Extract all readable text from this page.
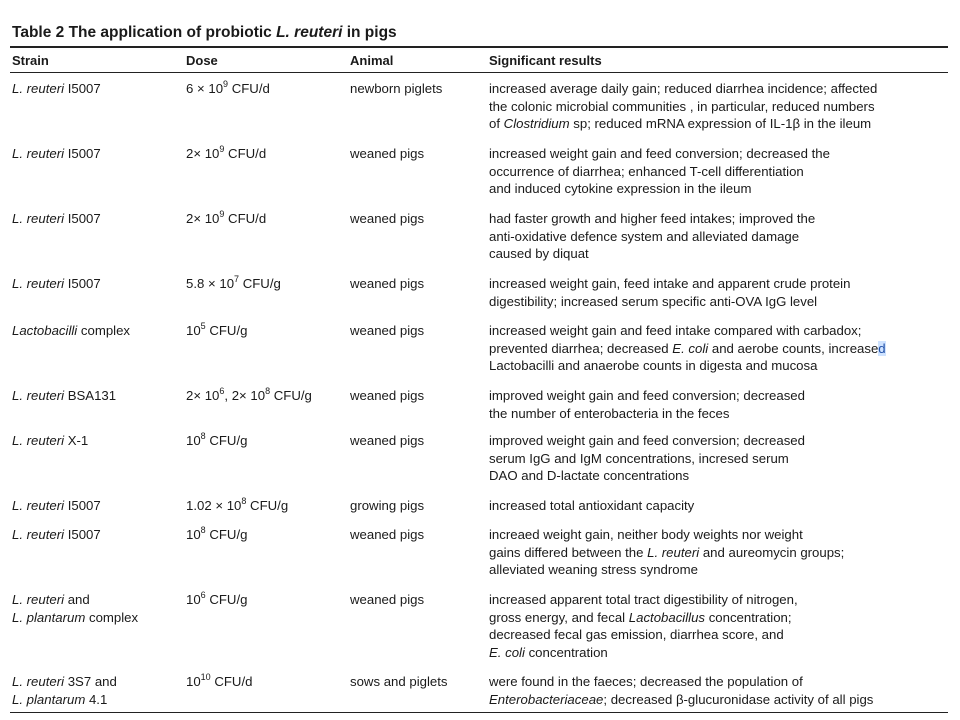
Table 2 The application of probiotic L. reuteri in pigs
Strain	Dose	Animal	Significant results
L. reuteri I5007	$6 \times 10^9$ CFU/d	newborn piglets	increased average daily gain; reduced diarrhea incidence; affected
the colonic microbial communities , in particular, reduced numbers
of Clostridium sp; reduced mRNA expression of IL-1β in the ileum
L. reuteri I5007	$2\times 10^9$ CFU/d	weaned pigs	increased weight gain and feed conversion; decreased the
occurrence of diarrhea; enhanced T-cell differentiation
and induced cytokine expression in the ileum
L. reuteri I5007	$2\times 10^9$ CFU/d	weaned pigs	had faster growth and higher feed intakes; improved the
anti-oxidative defence system and alleviated damage
caused by diquat
L. reuteri I5007	$5.8 \times 10^7$ CFU/g	weaned pigs	increased weight gain, feed intake and apparent crude protein
digestibility; increased serum specific anti-OVA IgG level
Lactobacilli complex	$10^5$ CFU/g	weaned pigs	increased weight gain and feed intake compared with carbadox;
prevented diarrhea; decreased E. coli and aerobe counts, increased
Lactobacilli and anaerobe counts in digesta and mucosa
L. reuteri BSA131	$2\times 10^6$, $2\times 10^8$ CFU/g	weaned pigs	improved weight gain and feed conversion; decreased
the number of enterobacteria in the feces
L. reuteri X-1	$10^8$ CFU/g	weaned pigs	improved weight gain and feed conversion; decreased
serum IgG and IgM concentrations, incresed serum
DAO and D-lactate concentrations
L. reuteri I5007	$1.02 \times 10^8$ CFU/g	growing pigs	increased total antioxidant capacity
L. reuteri I5007	$10^8$ CFU/g	weaned pigs	increaed weight gain, neither body weights nor weight
gains differed between the L. reuteri and aureomycin groups;
alleviated weaning stress syndrome
L. reuteri and
L. plantarum complex
$10^6$ CFU/g	weaned pigs	increased apparent total tract digestibility of nitrogen,
gross energy, and fecal Lactobacillus concentration;
decreased fecal gas emission, diarrhea score, and
E. coli concentration
L. reuteri 3S7 and
L. plantarum 4.1
$10^{10}$ CFU/d	sows and piglets	were found in the faeces; decreased the population of
Enterobacteriaceae; decreased β-glucuronidase activity of all pigs
